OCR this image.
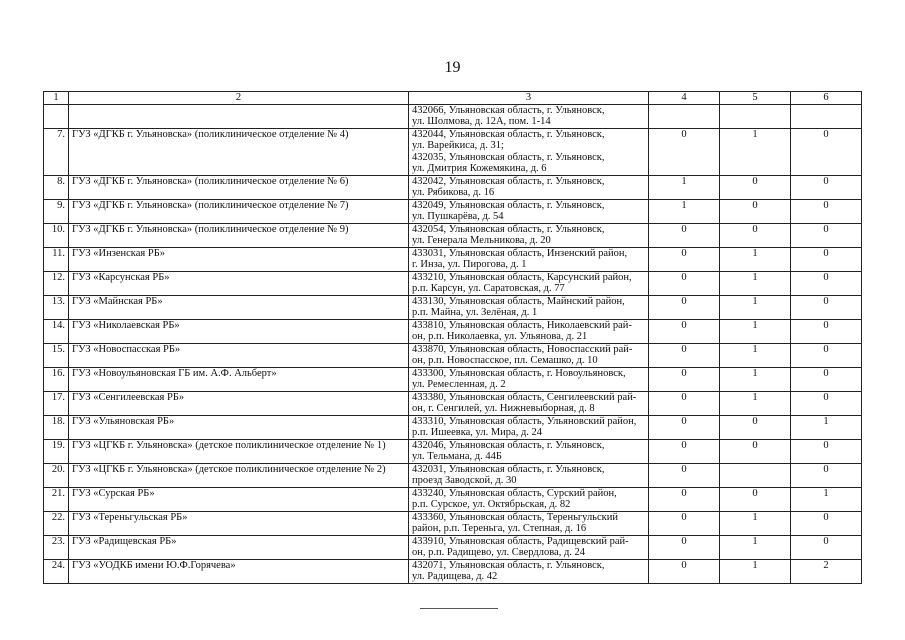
19
1	2	3	4	5	6

		432066, Ульяновская область, г. Ульяновск,
ул. Шолмова, д. 12А, пом. 1-14			

7.	ГУЗ «ДГКБ г. Ульяновска» (поликлиническое отделение № 4)	432044, Ульяновская область, г. Ульяновск,
ул. Варейкиса, д. 31;
432035, Ульяновская область, г. Ульяновск,
ул. Дмитрия Кожемякина, д. 6	0	1	0
8.	ГУЗ «ДГКБ г. Ульяновска» (поликлиническое отделение № 6)	432042, Ульяновская область, г. Ульяновск,
ул. Рябикова, д. 16	1	0	0
9.	ГУЗ «ДГКБ г. Ульяновска» (поликлиническое отделение № 7)	432049, Ульяновская область, г. Ульяновск,
ул. Пушкарёва, д. 54	1	0	0
10.	ГУЗ «ДГКБ г. Ульяновска» (поликлиническое отделение № 9)	432054, Ульяновская область, г. Ульяновск,
ул. Генерала Мельникова, д. 20	0	0	0
11.	ГУЗ «Инзенская РБ»	433031, Ульяновская область, Инзенский район,
г. Инза, ул. Пирогова, д. 1	0	1	0
12.	ГУЗ «Карсунская РБ»	433210, Ульяновская область, Карсунский район,
р.п. Карсун, ул. Саратовская, д. 77	0	1	0
13.	ГУЗ «Майнская РБ»	433130, Ульяновская область, Майнский район,
р.п. Майна, ул. Зелёная, д. 1	0	1	0
14.	ГУЗ «Николаевская РБ»	433810, Ульяновская область, Николаевский рай-
он, р.п. Николаевка, ул. Ульянова, д. 21	0	1	0
15.	ГУЗ «Новоспасская РБ»	433870, Ульяновская область, Новоспасский рай-
он, р.п. Новоспасское, пл. Семашко, д. 10	0	1	0
16.	ГУЗ «Новоульяновская ГБ им. А.Ф. Альберт»	433300, Ульяновская область, г. Новоульяновск,
ул. Ремесленная, д. 2	0	1	0
17.	ГУЗ «Сенгилеевская РБ»	433380, Ульяновская область, Сенгилеевский рай-
он, г. Сенгилей, ул. Нижневыборная, д. 8	0	1	0
18.	ГУЗ «Ульяновская РБ»	433310, Ульяновская область, Ульяновский район,
р.п. Ишеевка, ул. Мира, д. 24	0	0	1
19.	ГУЗ «ЦГКБ г. Ульяновска» (детское поликлиническое отделение № 1)	432046, Ульяновская область, г. Ульяновск,
ул. Тельмана, д. 44Б	0	0	0
20.	ГУЗ «ЦГКБ г. Ульяновска» (детское поликлиническое отделение № 2)	432031, Ульяновская область, г. Ульяновск,
проезд Заводской, д. 30	0		0
21.	ГУЗ «Сурская РБ»	433240, Ульяновская область, Сурский район,
р.п. Сурское, ул. Октябрьская, д. 82	0	0	1
22.	ГУЗ «Тереньгульская РБ»	433360, Ульяновская область, Тереньгульский
район, р.п. Тереньга, ул. Степная, д. 16	0	1	0
23.	ГУЗ «Радищевская РБ»	433910, Ульяновская область, Радищевский рай-
он, р.п. Радищево, ул. Свердлова, д. 24	0	1	0
24.	ГУЗ «УОДКБ имени Ю.Ф.Горячева»	432071, Ульяновская область, г. Ульяновск,
ул. Радищева, д. 42	0	1	2
